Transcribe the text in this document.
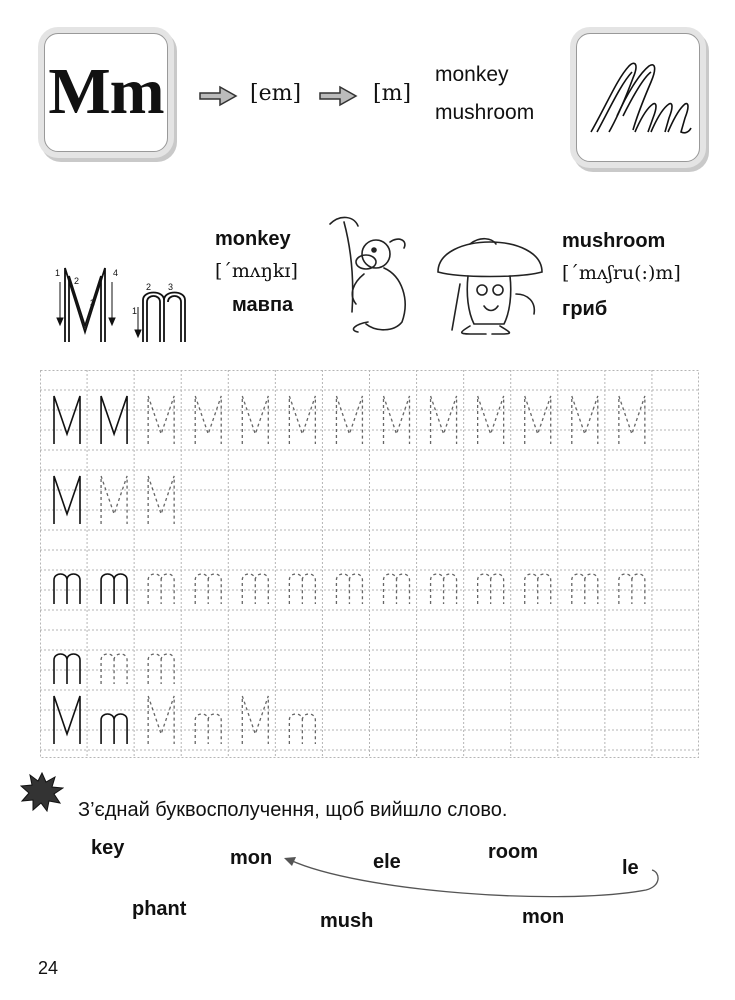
Mm	[em]	[m]
monkey
mushroom
1
2
3
4
1
2 3
monkey
[ˊmʌŋkɪ]
мавпа
mushroom
[ˊmʌʃru(:)m]
гриб
З’єднай буквосполучення, щоб вийшло слово.
key	mon	ele	room
le
phant
mush	mon
24
